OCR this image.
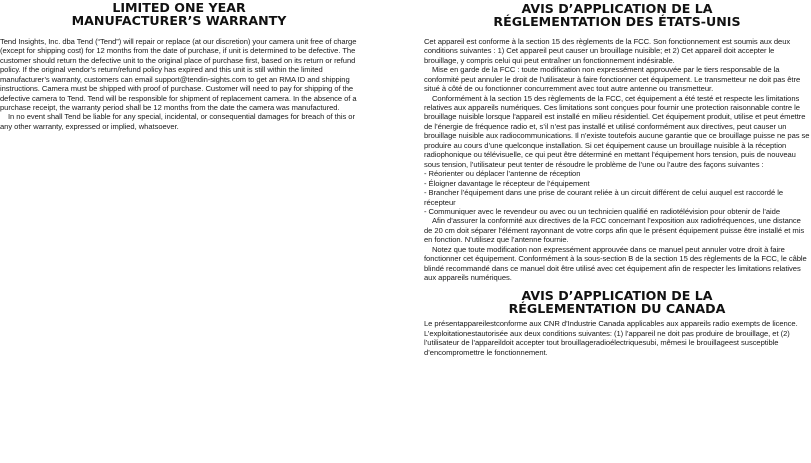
LIMITED ONE YEAR
MANUFACTURER’S WARRANTY

Tend Insights, Inc. dba Tend (“Tend”) will repair or replace (at our discretion) your camera unit free of charge (except for shipping cost) for 12 months from the date of purchase, if unit is determined to be defective. The customer should return the defective unit to the original place of purchase first, based on its return or refund policy. If the original vendor’s return/refund policy has expired and this unit is still within the limited manufacturer’s warranty, customers can email support@tendin-sights.com to get an RMA ID and shipping instructions. Camera must be shipped with proof of purchase. Customer will need to pay for shipping of the defective camera to Tend. Tend will be responsible for shipment of replacement camera. In the absence of a purchase receipt, the warranty period shall be 12 months from the date the camera was manufactured.

In no event shall Tend be liable for any special, incidental, or consequential damages for breach of this or any other warranty, expressed or implied, whatsoever.

AVIS D’APPLICATION DE LA
RÉGLEMENTATION DES ÉTATS-UNIS

Cet appareil est conforme à la section 15 des règlements de la FCC. Son fonctionnement est soumis aux deux conditions suivantes : 1) Cet appareil peut causer un brouillage nuisible; et 2) Cet appareil doit accepter le brouillage, y compris celui qui peut entraîner un fonctionnement indésirable.

Mise en garde de la FCC : toute modification non expressément approuvée par le tiers responsable de la conformité peut annuler le droit de l’utilisateur à faire fonctionner cet équipement. Le transmetteur ne doit pas être situé à côté de ou fonctionner concurremment avec tout autre antenne ou transmetteur.

Conformément à la section 15 des règlements de la FCC, cet équipement a été testé et respecte les limitations relatives aux appareils numériques. Ces limitations sont conçues pour fournir une protection raisonnable contre le brouillage nuisible lorsque l’appareil est installé en milieu résidentiel. Cet équipement produit, utilise et peut émettre de l’énergie de fréquence radio et, s’il n’est pas installé et utilisé conformément aux directives, peut causer un brouillage nuisible aux radiocommunications. Il n’existe toutefois aucune garantie que ce brouillage puisse ne pas se produire au cours d’une quelconque installation. Si cet équipement cause un brouillage nuisible à la réception radiophonique ou télévisuelle, ce qui peut être déterminé en mettant l’équipement hors tension, puis de nouveau sous tension, l’utilisateur peut tenter de résoudre le problème de l’une ou l’autre des façons suivantes :

- Réorienter ou déplacer l’antenne de réception

- Éloigner davantage le récepteur de l’équipement

- Brancher l’équipement dans une prise de courant reliée à un circuit différent de celui auquel est raccordé le récepteur

- Communiquer avec le revendeur ou avec ou un technicien qualifié en radiotélévision pour obtenir de l’aide

Afin d’assurer la conformité aux directives de la FCC concernant l’exposition aux radiofréquences, une distance de 20 cm doit séparer l’élément rayonnant de votre corps afin que le présent équipement puisse être installé et mis en fonction. N’utilisez que l’antenne fournie.

Notez que toute modification non expressément approuvée dans ce manuel peut annuler votre droit à faire fonctionner cet équipement. Conformément à la sous-section B de la section 15 des règlements de la FCC, le câble blindé recommandé dans ce manuel doit être utilisé avec cet équipement afin de respecter les limitations relatives aux appareils numériques.

AVIS D’APPLICATION DE LA
RÉGLEMENTATION DU CANADA

Le présentappareilestconforme aux CNR d’Industrie Canada applicables aux appareils radio exempts de licence. L’exploitationestautorisée aux deux conditions suivantes: (1) l’appareil ne doit pas produire de brouillage, et (2) l’utilisateur de l’appareildoit accepter tout brouillageradioélectriquesubi, mêmesi le brouillageest susceptible d’encompromettre le fonctionnement.
